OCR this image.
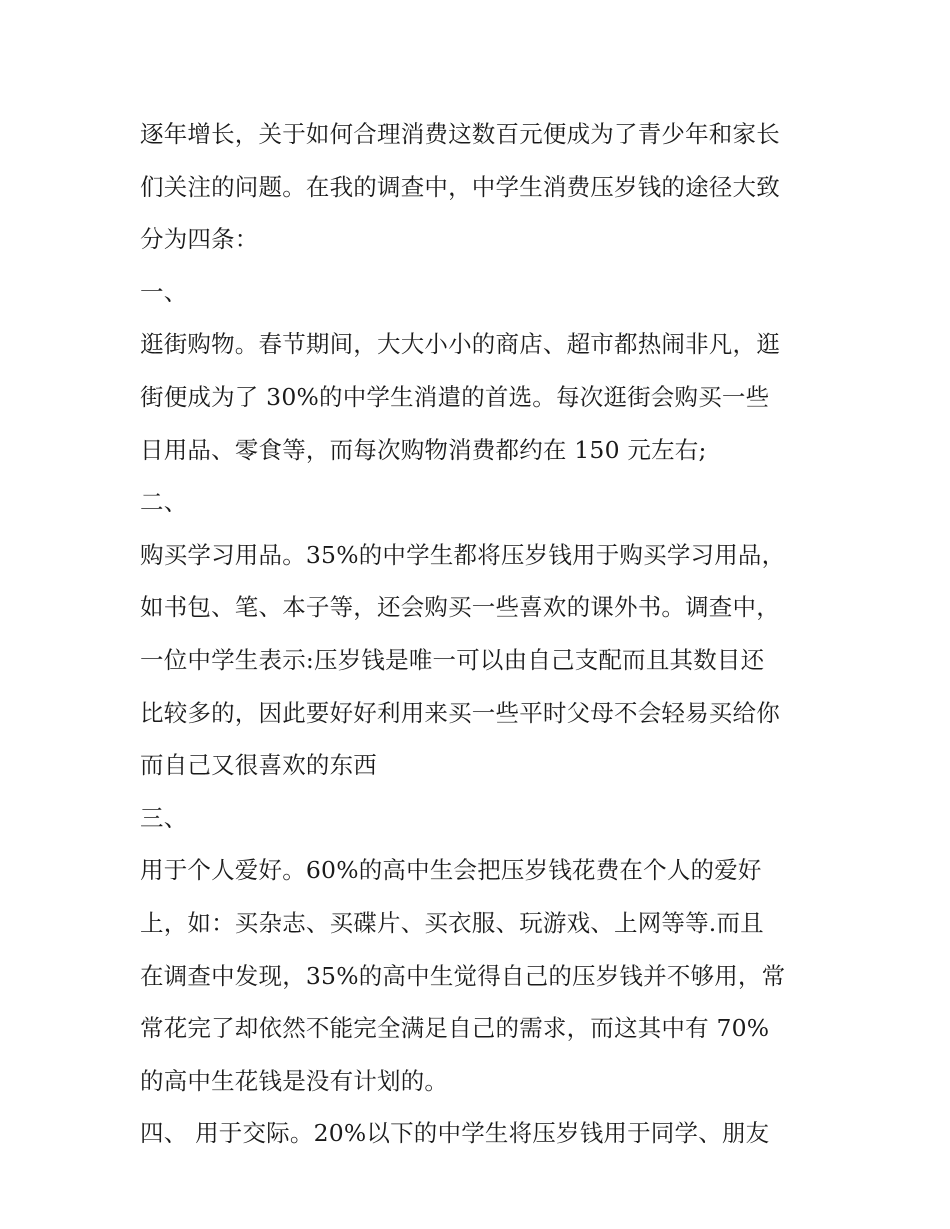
逐年增长，关于如何合理消费这数百元便成为了青少年和家长
们关注的问题。在我的调查中，中学生消费压岁钱的途径大致
分为四条：
一、
逛街购物。春节期间，大大小小的商店、超市都热闹非凡，逛
街便成为了 30%的中学生消遣的首选。每次逛街会购买一些
日用品、零食等，而每次购物消费都约在 150 元左右;
二、
购买学习用品。35%的中学生都将压岁钱用于购买学习用品，
如书包、笔、本子等，还会购买一些喜欢的课外书。调查中，
一位中学生表示:压岁钱是唯一可以由自己支配而且其数目还
比较多的，因此要好好利用来买一些平时父母不会轻易买给你
而自己又很喜欢的东西
三、
用于个人爱好。60%的高中生会把压岁钱花费在个人的爱好
上，如：买杂志、买碟片、买衣服、玩游戏、上网等等.而且
在调查中发现，35%的高中生觉得自己的压岁钱并不够用，常
常花完了却依然不能完全满足自己的需求，而这其中有 70%
的高中生花钱是没有计划的。
四、 用于交际。20%以下的中学生将压岁钱用于同学、朋友
